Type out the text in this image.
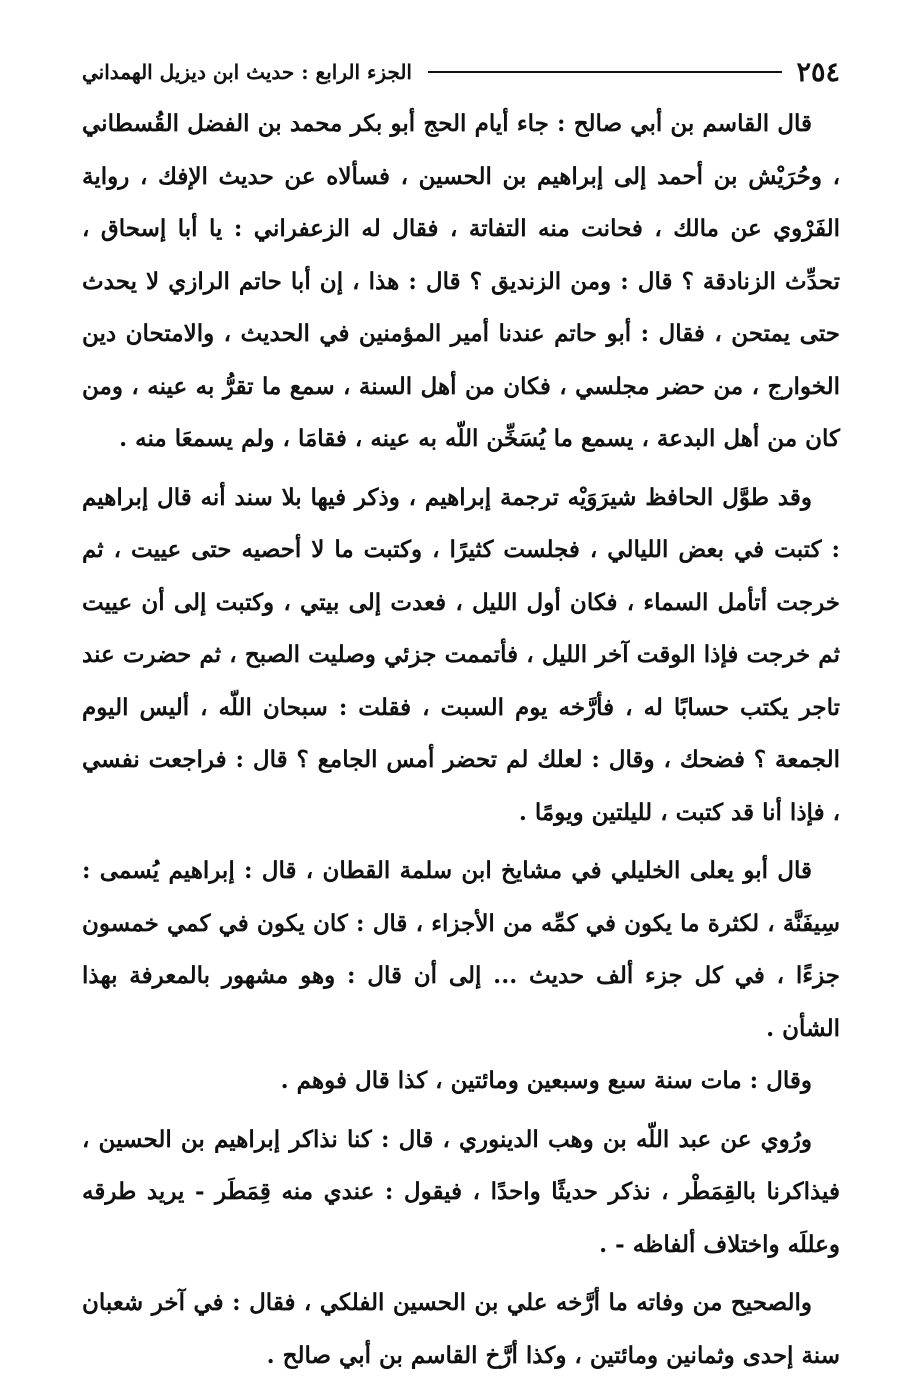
٢٥٤
الجزء الرابع : حديث ابن ديزيل الهمداني

قال القاسم بن أبي صالح : جاء أيام الحج أبو بكر محمد بن الفضل القُسطاني ، وحُرَيْش بن أحمد إلى إبراهيم بن الحسين ، فسألاه عن حديث الإفك ، رواية الفَرْوي عن مالك ، فحانت منه التفاتة ، فقال له الزعفراني : يا أبا إسحاق ، تحدِّث الزنادقة ؟ قال : ومن الزنديق ؟ قال : هذا ، إن أبا حاتم الرازي لا يحدث حتى يمتحن ، فقال : أبو حاتم عندنا أمير المؤمنين في الحديث ، والامتحان دين الخوارج ، من حضر مجلسي ، فكان من أهل السنة ، سمع ما تقرُّ به عينه ، ومن كان من أهل البدعة ، يسمع ما يُسَخِّن اللّه به عينه ، فقامَا ، ولم يسمعَا منه .

وقد طوَّل الحافظ شيرَوَيْه ترجمة إبراهيم ، وذكر فيها بلا سند أنه قال إبراهيم : كتبت في بعض الليالي ، فجلست كثيرًا ، وكتبت ما لا أحصيه حتى عييت ، ثم خرجت أتأمل السماء ، فكان أول الليل ، فعدت إلى بيتي ، وكتبت إلى أن عييت ثم خرجت فإذا الوقت آخر الليل ، فأتممت جزئي وصليت الصبح ، ثم حضرت عند تاجر يكتب حسابًا له ، فأرَّخه يوم السبت ، فقلت : سبحان اللّه ، أليس اليوم الجمعة ؟ فضحك ، وقال : لعلك لم تحضر أمس الجامع ؟ قال : فراجعت نفسي ، فإذا أنا قد كتبت ، لليلتين ويومًا .

قال أبو يعلى الخليلي في مشايخ ابن سلمة القطان ، قال : إبراهيم يُسمى : سِيفَنَّة ، لكثرة ما يكون في كمِّه من الأجزاء ، قال : كان يكون في كمي خمسون جزءًا ، في كل جزء ألف حديث ... إلى أن قال : وهو مشهور بالمعرفة بهذا الشأن .

وقال : مات سنة سبع وسبعين ومائتين ، كذا قال فوهم .

ورُوي عن عبد اللّه بن وهب الدينوري ، قال : كنا نذاكر إبراهيم بن الحسين ، فيذاكرنا بالقِمَطْر ، نذكر حديثًا واحدًا ، فيقول : عندي منه قِمَطَر - يريد طرقه وعللَه واختلاف ألفاظه - .

والصحيح من وفاته ما أرَّخه علي بن الحسين الفلكي ، فقال : في آخر شعبان سنة إحدى وثمانين ومائتين ، وكذا أرَّخ القاسم بن أبي صالح .
